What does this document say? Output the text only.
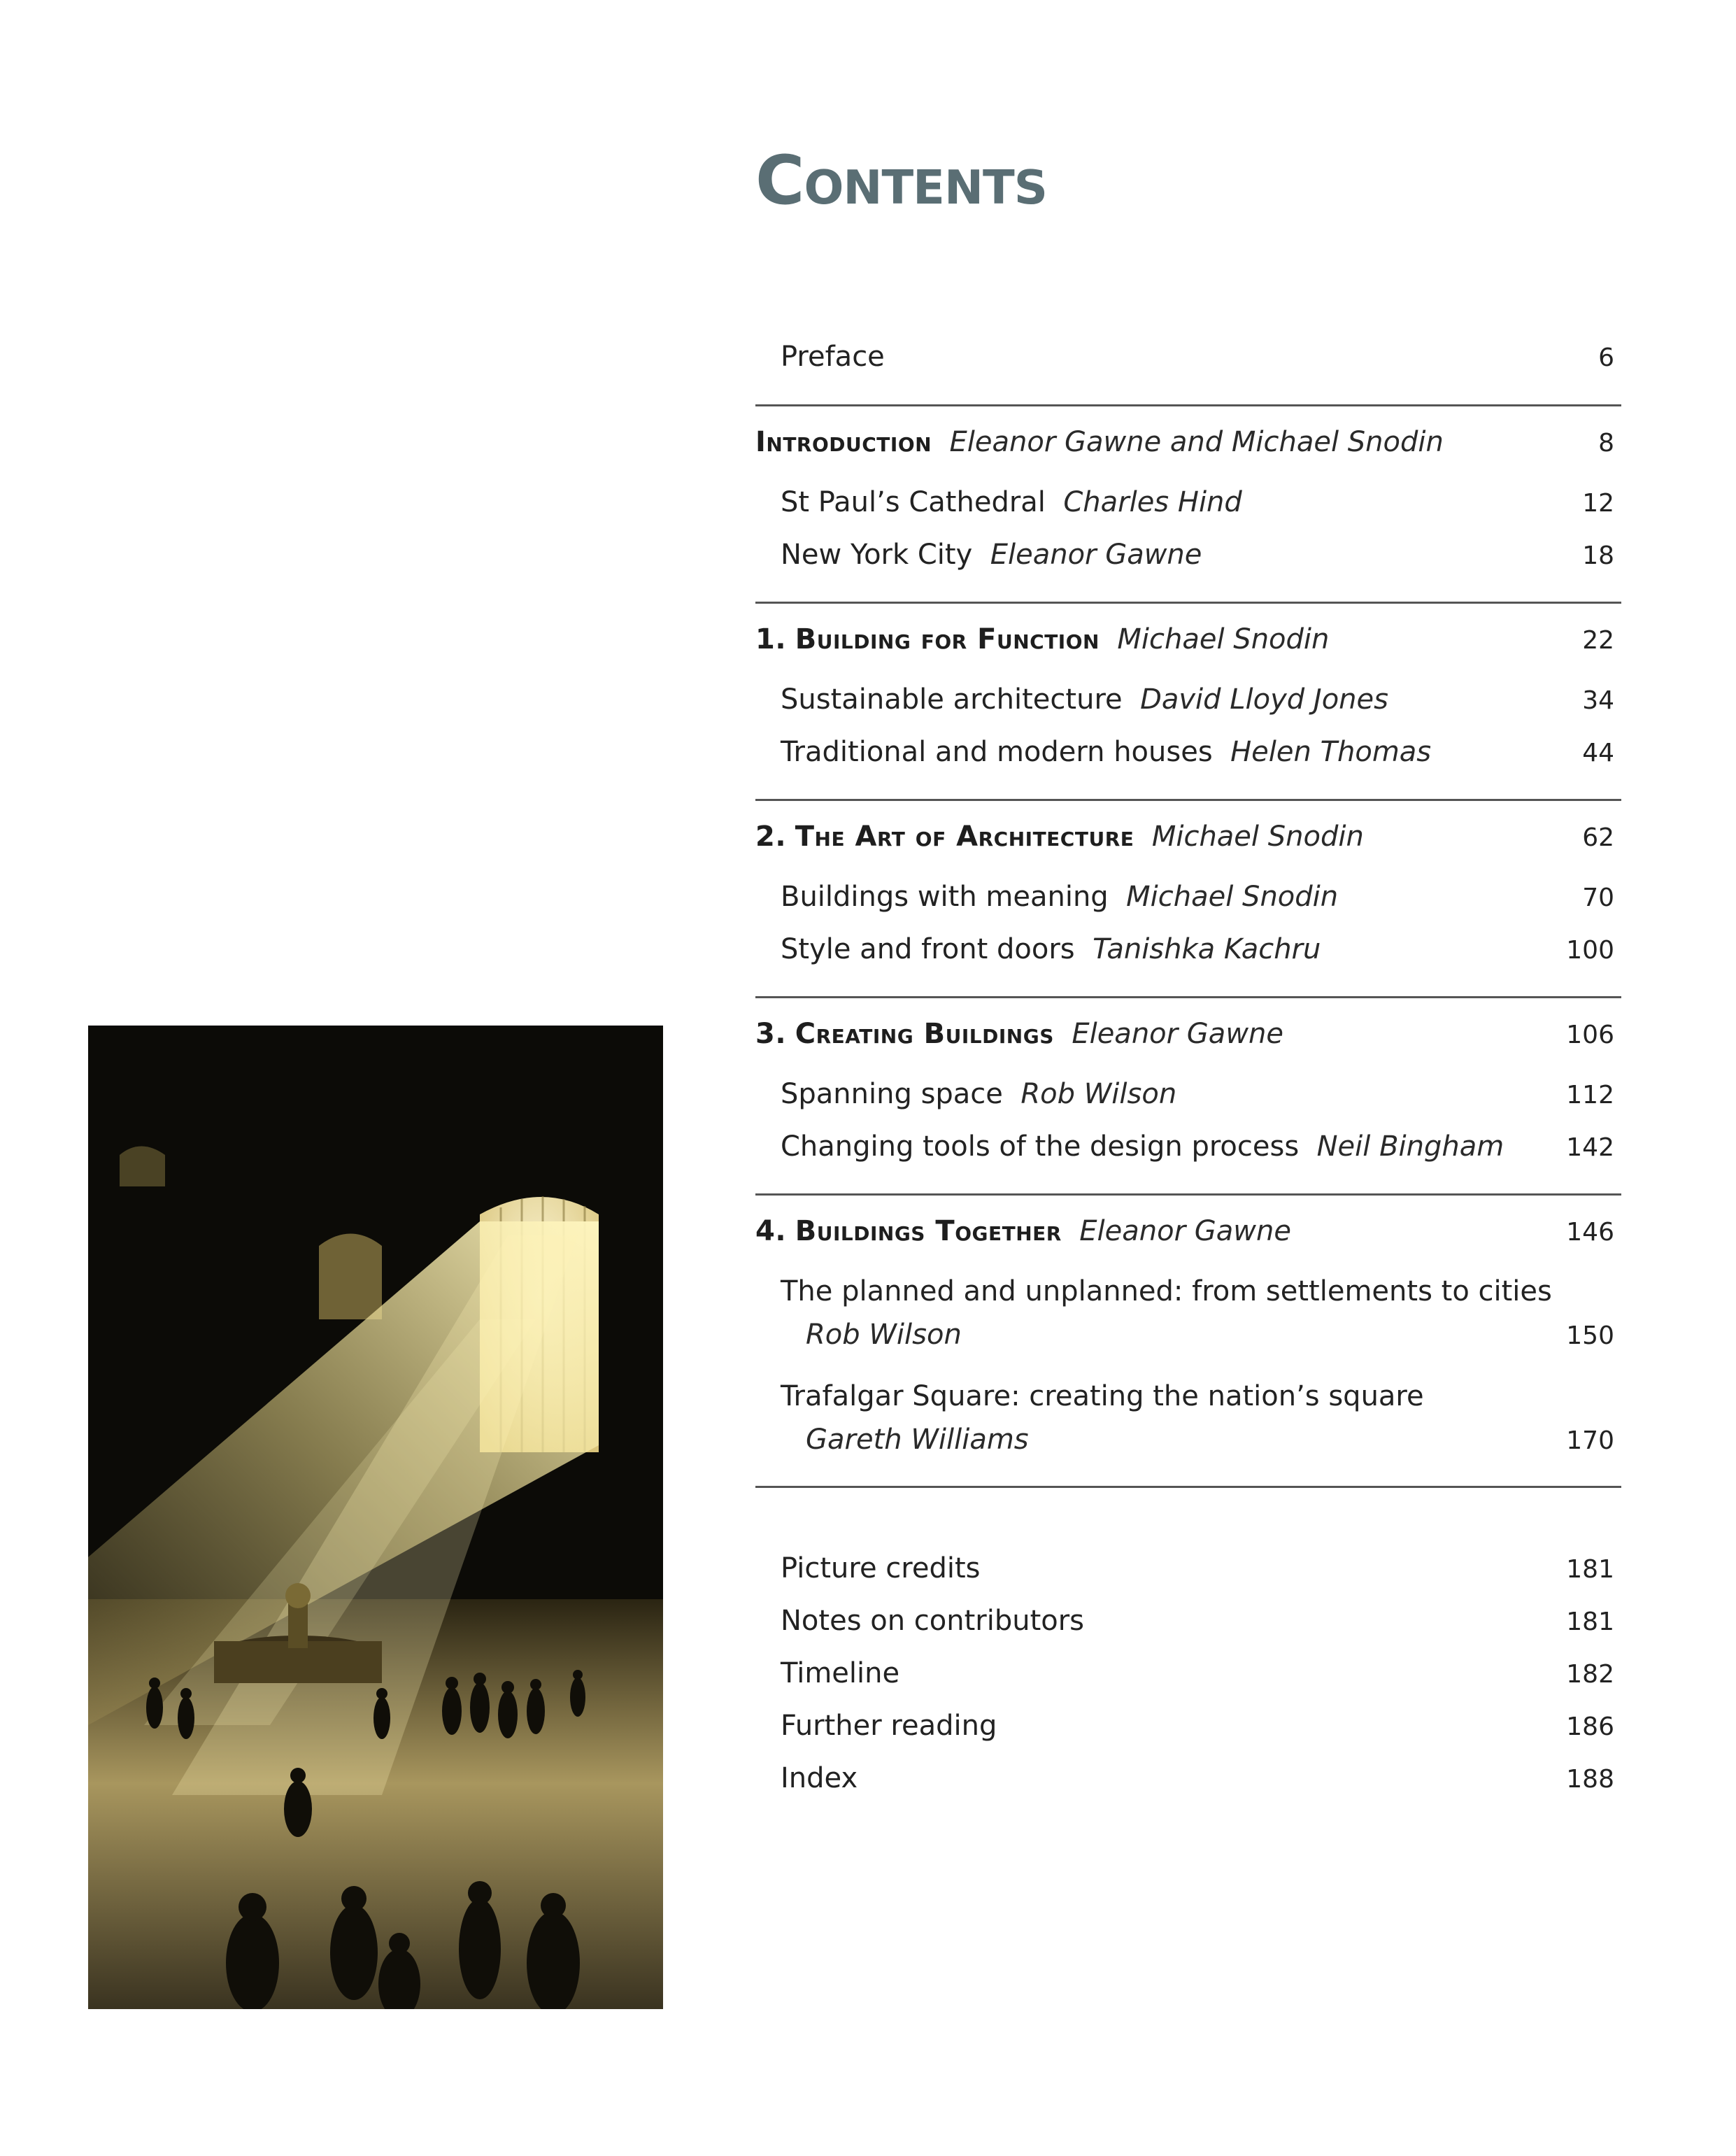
Contents
Preface	6
Introduction Eleanor Gawne and Michael Snodin	8
St Paul’s Cathedral Charles Hind	12
New York City Eleanor Gawne	18
1. Building for Function Michael Snodin	22
Sustainable architecture David Lloyd Jones	34
Traditional and modern houses Helen Thomas	44
2. The Art of Architecture Michael Snodin	62
Buildings with meaning Michael Snodin	70
Style and front doors Tanishka Kachru	100
3. Creating Buildings Eleanor Gawne	106
Spanning space Rob Wilson	112
Changing tools of the design process Neil Bingham 142
4. Buildings Together Eleanor Gawne	146
The planned and unplanned: from settlements to cities
Rob Wilson	150
Trafalgar Square: creating the nation’s square
Gareth Williams	170
Picture credits	181
Notes on contributors	181
Timeline	182
Further reading	186
Index	188
